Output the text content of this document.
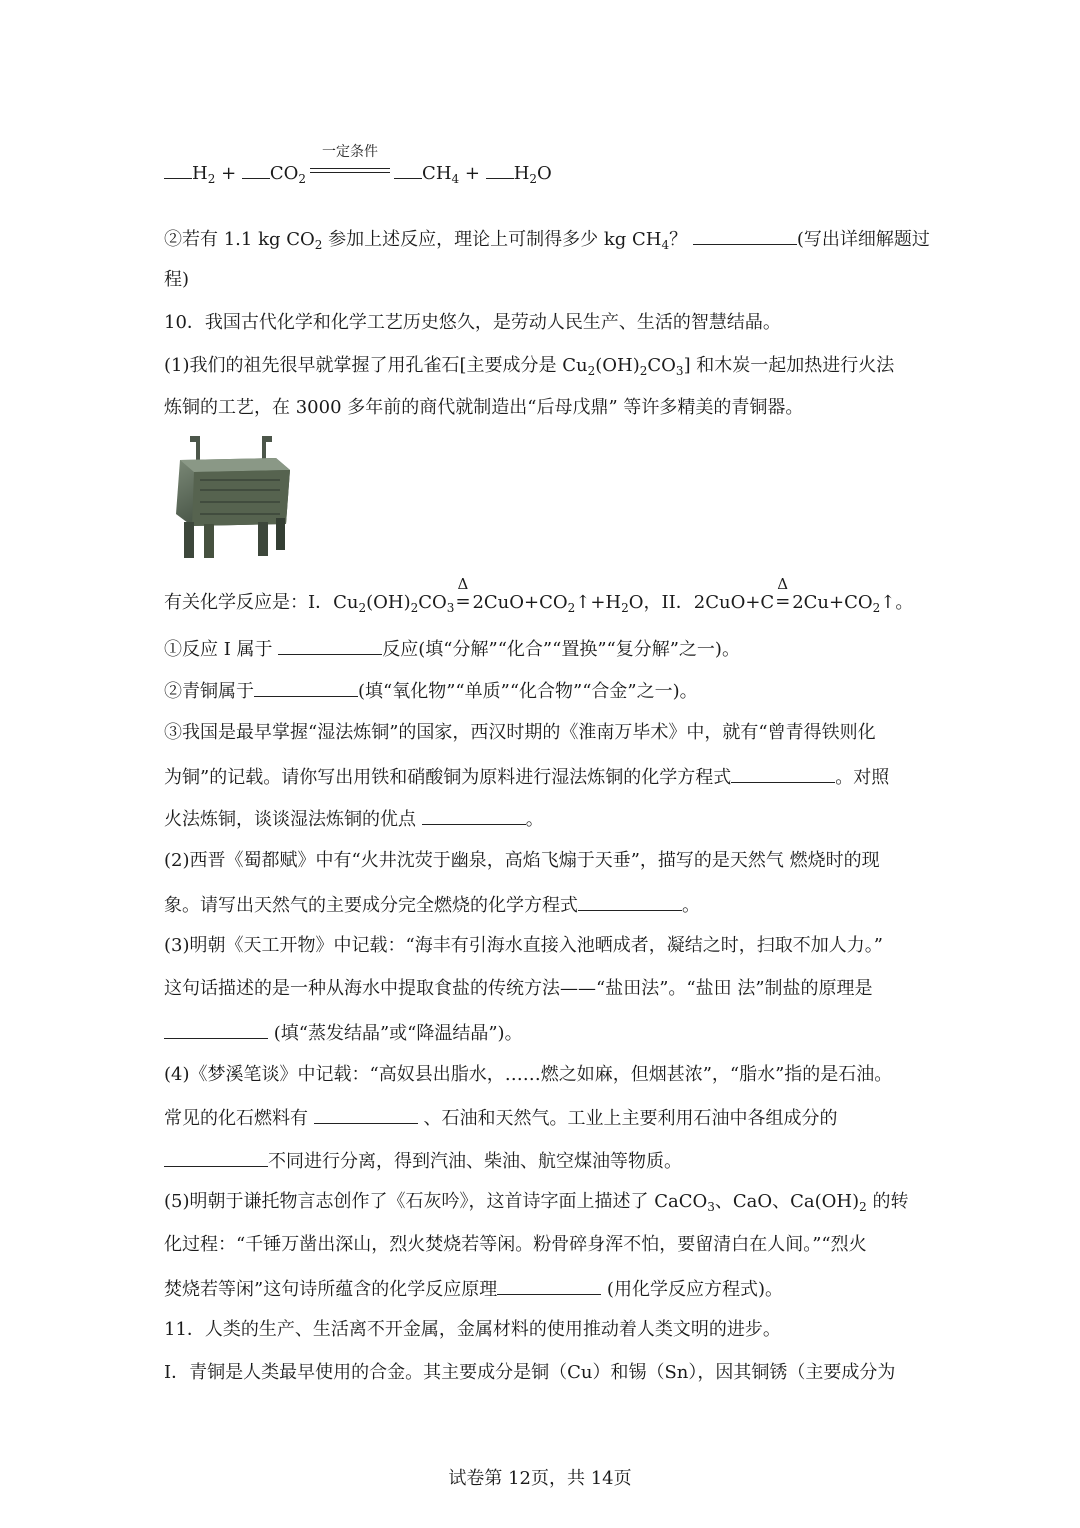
$H_2 + CO_2$
一定条件
$CH_4 + H_2O$
②若有 1.1 kg $CO_2$ 参加上述反应，理论上可制得多少 kg $CH_4$？	(写出详细解题过
程)
10．我国古代化学和化学工艺历史悠久，是劳动人民生产、生活的智慧结晶。
(1)我们的祖先很早就掌握了用孔雀石[主要成分是 $Cu_2(OH)_2CO_3$] 和木炭一起加热进行火法
炼铜的工艺，在 3000 多年前的商代就制造出“后母戊鼎” 等许多精美的青铜器。
有关化学反应是：I．$Cu_2(OH)_2CO_3$
Δ
= $2CuO+CO_2↑+H_2O$，II．2CuO+C
Δ
= $2Cu+CO_2↑$。
①反应 I 属于	反应(填“分解”“化合”“置换”“复分解”之一)。
②青铜属于	(填“氧化物”“单质”“化合物”“合金”之一)。
③我国是最早掌握“湿法炼铜”的国家，西汉时期的《淮南万毕术》中，就有“曾青得铁则化
为铜”的记载。请你写出用铁和硝酸铜为原料进行湿法炼铜的化学方程式	。对照
火法炼铜，谈谈湿法炼铜的优点	。
(2)西晋《蜀都赋》中有“火井沈荧于幽泉，高焰飞煽于天垂”，描写的是天然气 燃烧时的现
象。请写出天然气的主要成分完全燃烧的化学方程式	。
(3)明朝《天工开物》中记载：“海丰有引海水直接入池晒成者，凝结之时，扫取不加人力。”
这句话描述的是一种从海水中提取食盐的传统方法——“盐田法”。“盐田 法”制盐的原理是
(填“蒸发结晶”或“降温结晶”)。
(4)《梦溪笔谈》中记载：“高奴县出脂水，……燃之如麻，但烟甚浓”，“脂水”指的是石油。
常见的化石燃料有	、石油和天然气。工业上主要利用石油中各组成分的
不同进行分离，得到汽油、柴油、航空煤油等物质。
(5)明朝于谦托物言志创作了《石灰吟》，这首诗字面上描述了 CaCO$_3$、CaO、$Ca(OH)_2$ 的转
化过程：“千锤万凿出深山，烈火焚烧若等闲。粉骨碎身浑不怕，要留清白在人间。”“烈火
焚烧若等闲”这句诗所蕴含的化学反应原理	(用化学反应方程式)。
11．人类的生产、生活离不开金属，金属材料的使用推动着人类文明的进步。
I．青铜是人类最早使用的合金。其主要成分是铜（Cu）和锡（Sn），因其铜锈（主要成分为
试卷第 12页，共 14页
